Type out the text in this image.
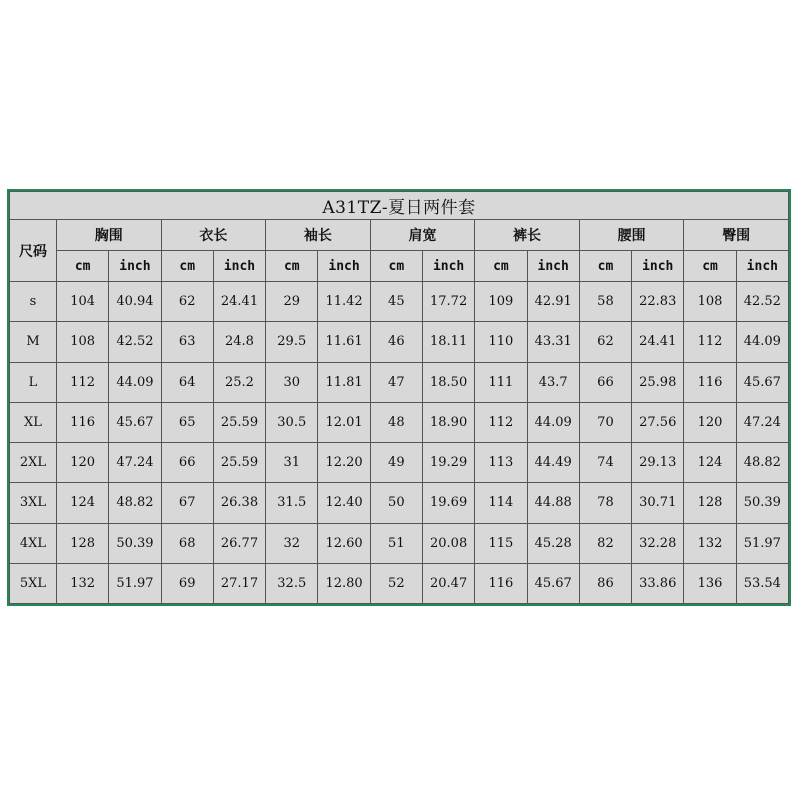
A31TZ-夏日两件套														
尺码	胸围		衣长		袖长		肩宽		裤长		腰围		臀围	
	cm	inch	cm	inch	cm	inch	cm	inch	cm	inch	cm	inch	cm	inch
s	104	40.94	62	24.41	29	11.42	45	17.72	109	42.91	58	22.83	108	42.52
M	108	42.52	63	24.8	29.5	11.61	46	18.11	110	43.31	62	24.41	112	44.09
L	112	44.09	64	25.2	30	11.81	47	18.50	111	43.7	66	25.98	116	45.67
XL	116	45.67	65	25.59	30.5	12.01	48	18.90	112	44.09	70	27.56	120	47.24
2XL	120	47.24	66	25.59	31	12.20	49	19.29	113	44.49	74	29.13	124	48.82
3XL	124	48.82	67	26.38	31.5	12.40	50	19.69	114	44.88	78	30.71	128	50.39
4XL	128	50.39	68	26.77	32	12.60	51	20.08	115	45.28	82	32.28	132	51.97
5XL	132	51.97	69	27.17	32.5	12.80	52	20.47	116	45.67	86	33.86	136	53.54
